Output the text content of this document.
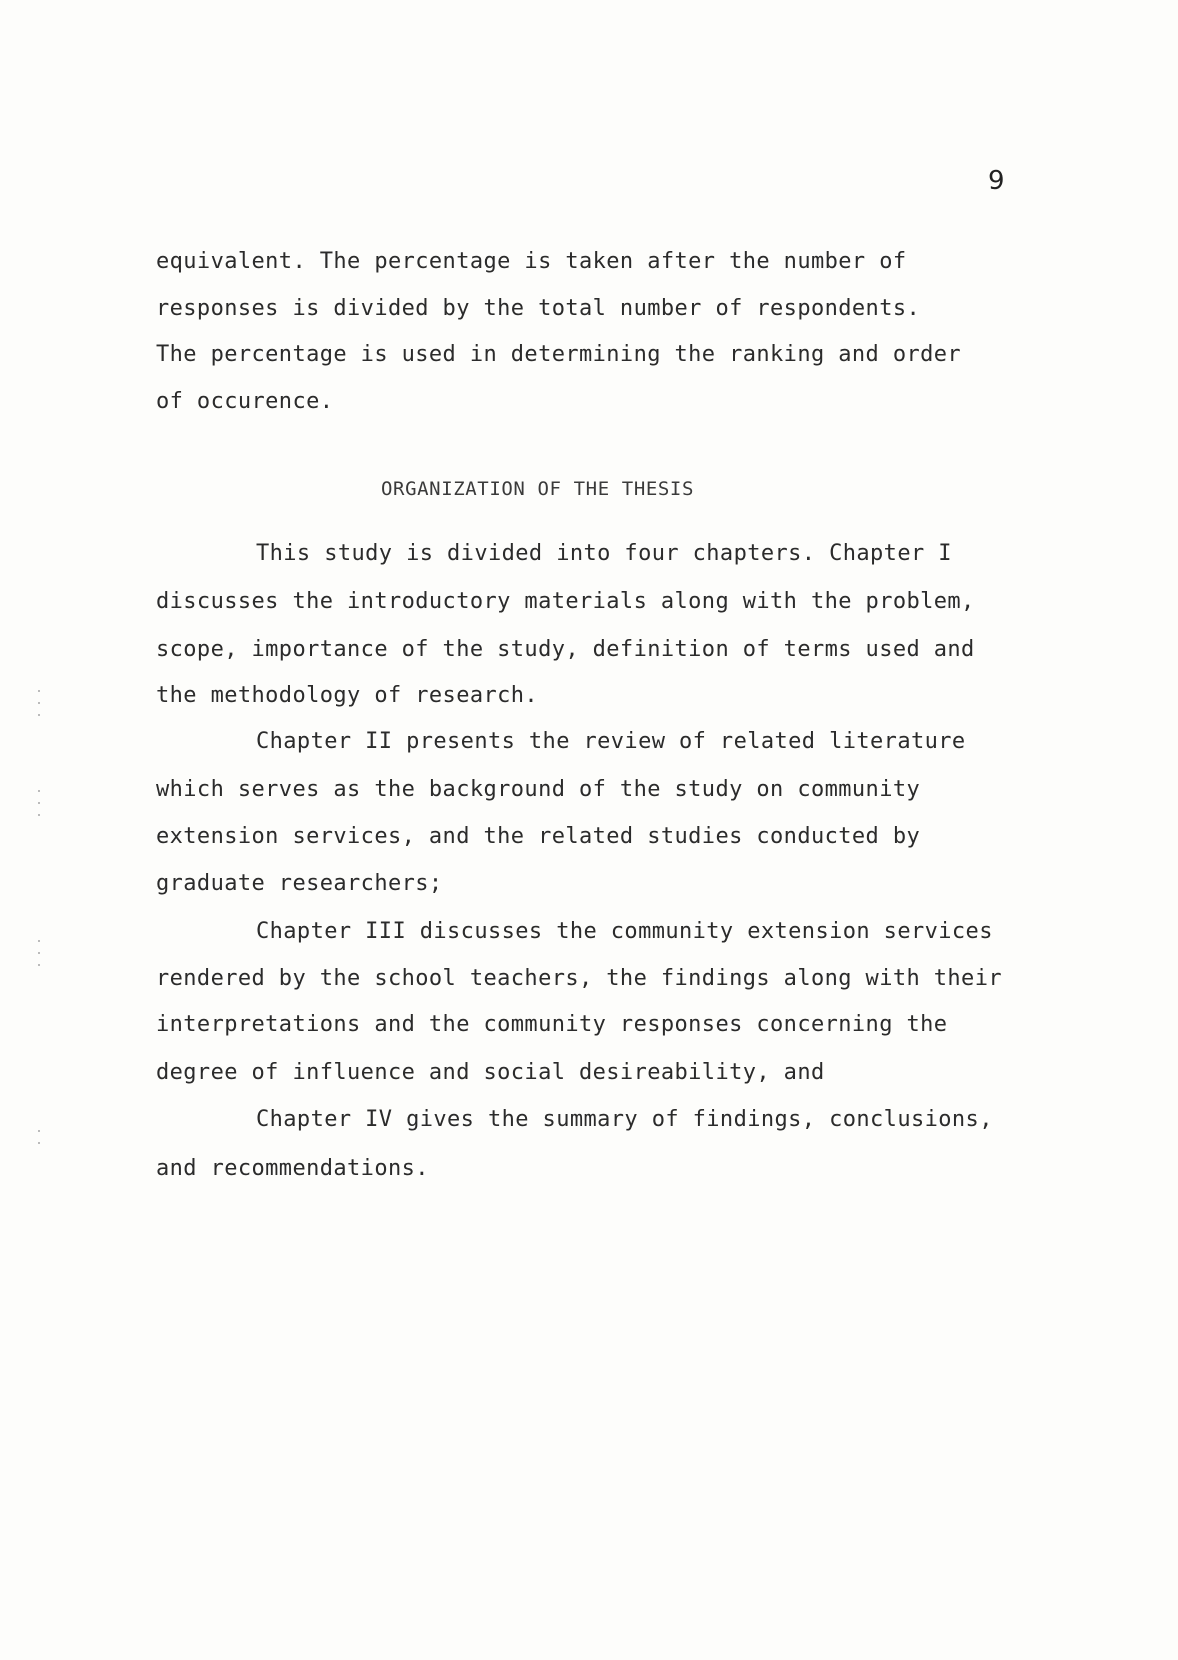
9
equivalent. The percentage is taken after the number of
responses is divided by the total number of respondents.
The percentage is used in determining the ranking and order
of occurence.
ORGANIZATION OF THE THESIS
This study is divided into four chapters. Chapter I
discusses the introductory materials along with the problem,
scope, importance of the study, definition of terms used and
the methodology of research.
Chapter II presents the review of related literature
which serves as the background of the study on community
extension services, and the related studies conducted by
graduate researchers;
Chapter III discusses the community extension services
rendered by the school teachers, the findings along with their
interpretations and the community responses concerning the
degree of influence and social desireability, and
Chapter IV gives the summary of findings, conclusions,
and recommendations.
